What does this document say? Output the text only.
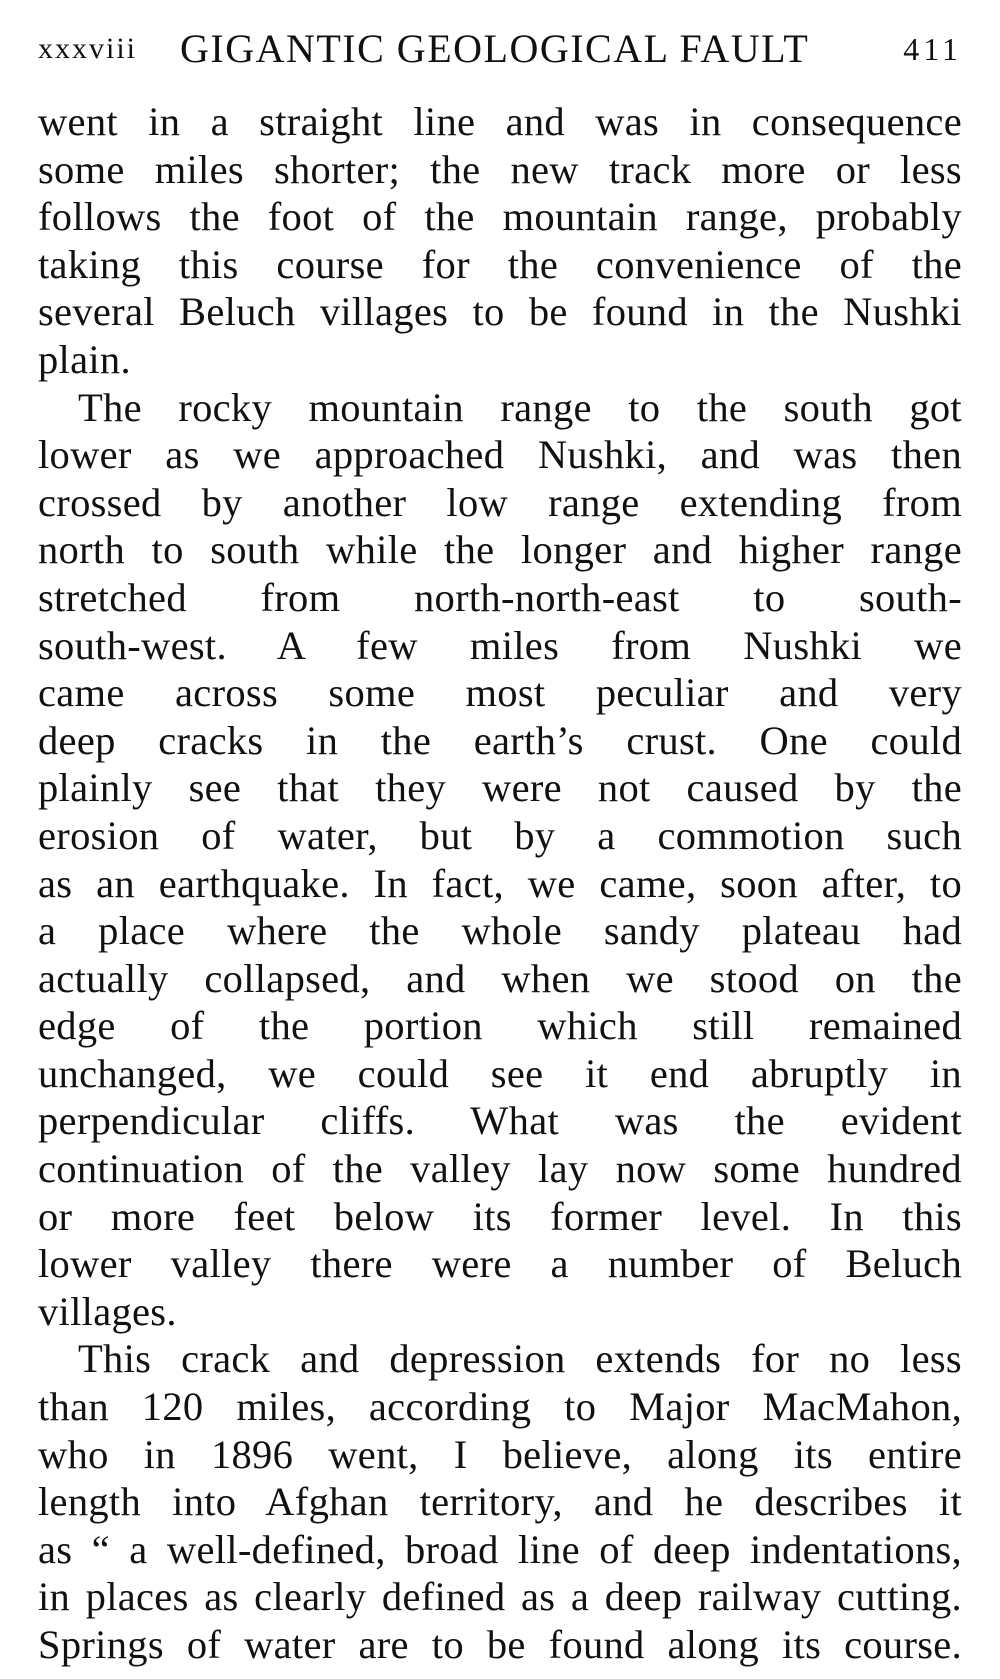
xxxviii GIGANTIC GEOLOGICAL FAULT	411

went in a straight line and was in consequence
some miles shorter; the new track more or less
follows the foot of the mountain range, probably
taking this course for the convenience of the
several Beluch villages to be found in the Nushki
plain.

The rocky mountain range to the south got
lower as we approached Nushki, and was then
crossed by another low range extending from
north to south while the longer and higher range
stretched from north-north-east to south-
south-west. A few miles from Nushki we
came across some most peculiar and very
deep cracks in the earth’s crust. One could
plainly see that they were not caused by the
erosion of water, but by a commotion such
as an earthquake. In fact, we came, soon after, to
a place where the whole sandy plateau had
actually collapsed, and when we stood on the
edge of the portion which still remained
unchanged, we could see it end abruptly in
perpendicular cliffs. What was the evident
continuation of the valley lay now some hundred
or more feet below its former level. In this
lower valley there were a number of Beluch
villages.

This crack and depression extends for no less
than 120 miles, according to Major MacMahon,
who in 1896 went, I believe, along its entire
length into Afghan territory, and he describes it
as “ a well-defined, broad line of deep indentations,
in places as clearly defined as a deep railway cutting.
Springs of water are to be found along its course.
